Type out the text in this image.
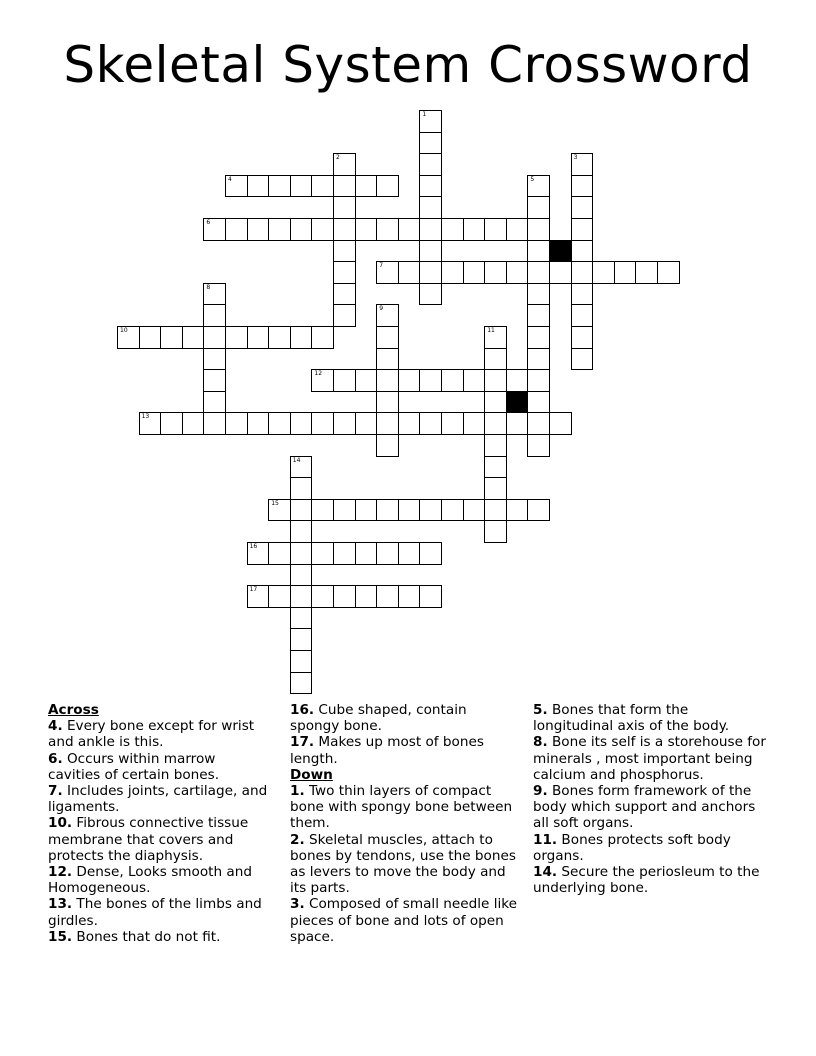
Skeletal System Crossword
1
2	3
4	5
6
7
8
10
9
11
12
13
14
15
16
17

Across

4. Every bone except for wrist and ankle is this.

6. Occurs within marrow cavities of certain bones.

7. Includes joints, cartilage, and ligaments.

10. Fibrous connective tissue membrane that covers and protects the diaphysis.

12. Dense, Looks smooth and Homogeneous.

13. The bones of the limbs and girdles.

15. Bones that do not fit.

16. Cube shaped, contain spongy bone.

17. Makes up most of bones length.

Down

1. Two thin layers of compact bone with spongy bone between them.

2. Skeletal muscles, attach to bones by tendons, use the bones as levers to move the body and its parts.

3. Composed of small needle like pieces of bone and lots of open space.

5. Bones that form the longitudinal axis of the body.

8. Bone its self is a storehouse for minerals , most important being calcium and phosphorus.

9. Bones form framework of the body which support and anchors all soft organs.

11. Bones protects soft body organs.

14. Secure the periosleum to the underlying bone.
